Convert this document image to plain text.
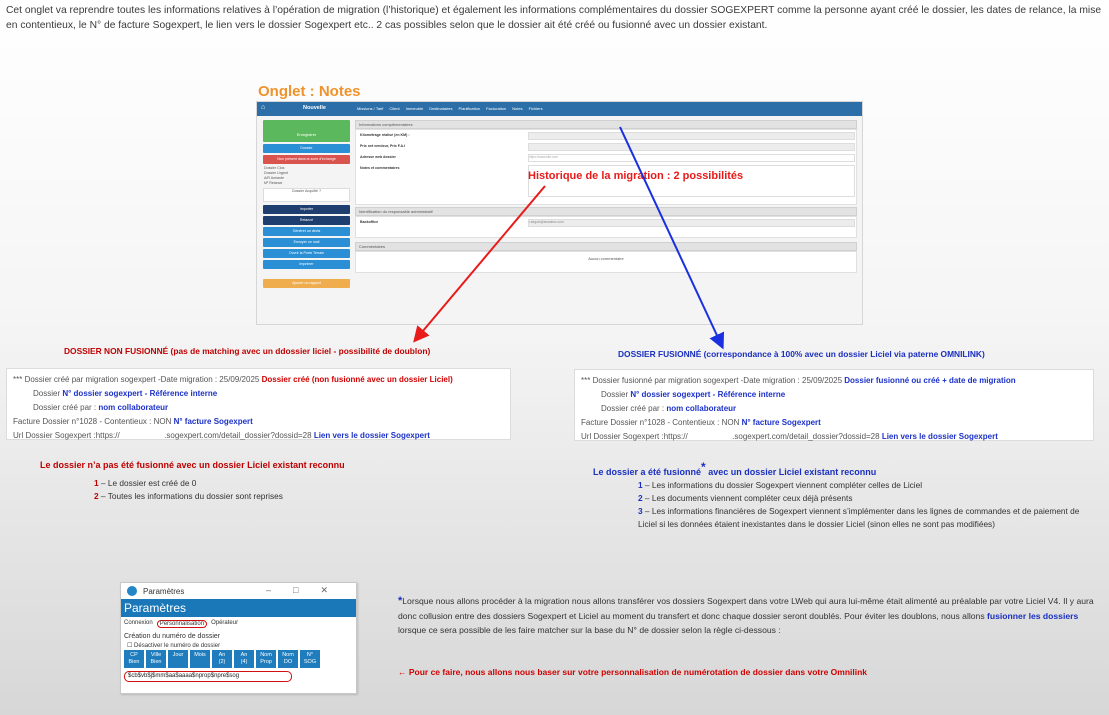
Cet onglet va reprendre toutes les informations relatives à l’opération de migration (l’historique) et également les informations complémentaires du dossier SOGEXPERT comme la personne ayant créé le dossier, les dates de relance, la mise en contentieux, le N° de facture Sogexpert, le lien vers le dossier Sogexpert etc.. 2 cas possibles selon que le dossier ait été créé ou fusionné avec un dossier existant.
Onglet : Notes
⌂	Nouvelle	Missions / Tarif Client Immeuble Destinataires Planification Facturation Notes Fichiers
Enregistrer
Dossier
Non présent dans la zone d'échange
Dossier Clos
Dossier Urgent
A/R Amiante
M² Relance
Dossier Acquitté ?
Importer
Relancé
Générer un devis
Envoyer un mail
Ouvrir la Porte Terrain
Imprimer
Ajouter un rapport
Informations complémentaires
Kilométrage réalisé (en KM) :
Prix net vendeur, Prix F.A.I
Adresse web dossier	https://www.site.com
Notes et commentaires
Identification du responsable administratif
Backoffice	r.beguin@amadeus.com
Commentaires
Aucun commentaire
Historique de la migration : 2 possibilités
DOSSIER NON FUSIONNÉ (pas de matching avec un ddossier liciel - possibilité de doublon)	DOSSIER FUSIONNÉ (correspondance à 100% avec un dossier Liciel via paterne OMNILINK)
*** Dossier créé par migration sogexpert -Date migration : 25/09/2025 Dossier créé (non fusionné avec un dossier Liciel)
Dossier N° dossier sogexpert - Référence interne
Dossier créé par : nom collaborateur
Facture Dossier n°1028 - Contentieux : NON N° facture Sogexpert
Url Dossier Sogexpert :https://                    .sogexpert.com/detail_dossier?dossid=28 Lien vers le dossier Sogexpert
*** Dossier fusionné par migration sogexpert -Date migration : 25/09/2025 Dossier fusionné ou créé + date de migration
Dossier N° dossier sogexpert - Référence interne
Dossier créé par : nom collaborateur
Facture Dossier n°1028 - Contentieux : NON N° facture Sogexpert
Url Dossier Sogexpert :https://                    .sogexpert.com/detail_dossier?dossid=28 Lien vers le dossier Sogexpert
Le dossier n’a pas été fusionné avec un dossier Liciel existant reconnu
1 – Le dossier est créé de 0
2 – Toutes les informations du dossier sont reprises
Le dossier a été fusionné* avec un dossier Liciel existant reconnu
1 – Les informations du dossier Sogexpert viennent compléter celles de Liciel
2 – Les documents viennent compléter ceux déjà présents
3 – Les informations financières de Sogexpert viennent s’implémenter dans les lignes de commandes et de paiement de Liciel si les données étaient inexistantes dans le dossier Liciel (sinon elles ne sont pas modifiées)
Paramètres	–□✕
Paramètres
Connexion	Personnalisation	Opérateur
Création du numéro de dossier
☐ Désactiver le numéro de dossier
CP
Bien
Ville
Bien
Jour	Mois	An
(2)
An
(4)
Nom
Prop
Nom
DO
N°
SOG
$cb$vb$j$mm$aa$aaaa$nprop$npre$sog
*Lorsque nous allons procéder à la migration nous allons transférer vos dossiers Sogexpert dans votre LWeb qui aura lui-même était alimenté au préalable par votre Liciel V4. Il y aura donc collusion entre des dossiers Sogexpert et Liciel au moment du transfert et donc chaque dossier seront doublés. Pour éviter les doublons, nous allons fusionner les dossiers lorsque ce sera possible de les faire matcher sur la base du N° de dossier selon la règle ci-dessous :
← Pour ce faire, nous allons nous baser sur votre personnalisation de numérotation de dossier dans votre Omnilink
